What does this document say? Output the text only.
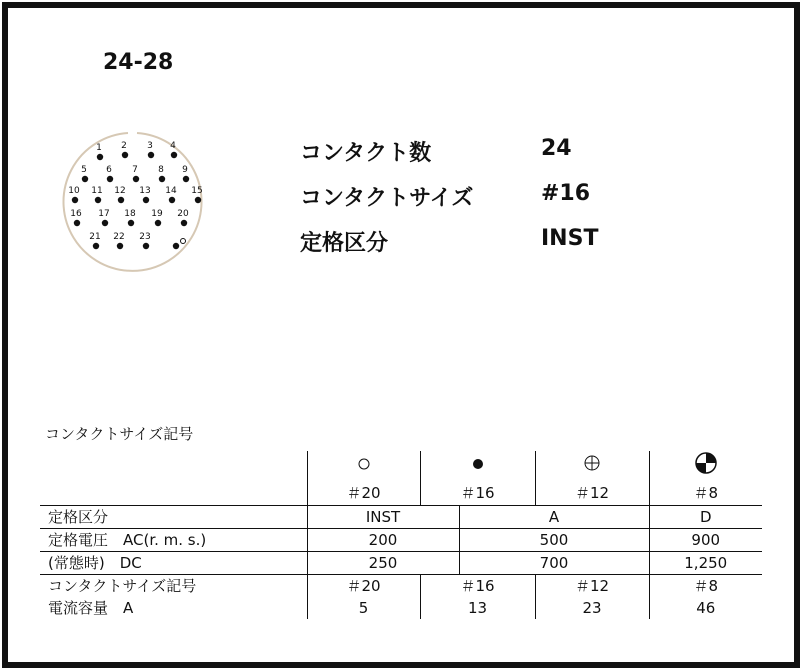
24-28
コンタクト数	24
コンタクトサイズ	#16
定格区分	INST
1 2 3 4
5 6 7 8 9
10 11 12 13 14 15
16 17 18 19 20
21 22 23
コンタクトサイズ記号

	＃20	＃16		＃12	＃8
定格区分	INST		A		D
定格電圧　AC(r. m. s.)	200		500		900
(常態時)　DC	250		700		1,250
コンタクトサイズ記号	＃20	＃16		＃12	＃8
電流容量　A	5	13		23	46
